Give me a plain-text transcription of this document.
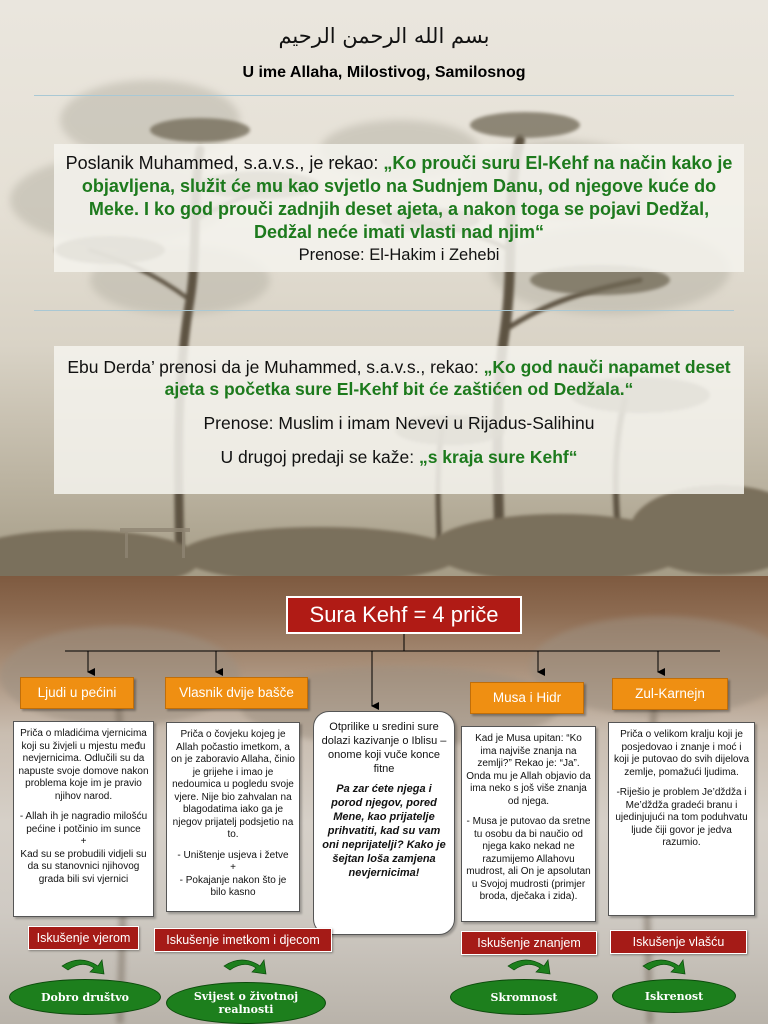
بسم الله الرحمن الرحيم
U ime Allaha, Milostivog, Samilosnog
Poslanik Muhammed, s.a.v.s., je rekao: „Ko prouči suru El-Kehf na način kako je objavljena, služit će mu kao svjetlo na Sudnjem Danu, od njegove kuće do Meke. I ko god prouči zadnjih deset ajeta, a nakon toga se pojavi Dedžal, Dedžal neće imati vlasti nad njim“
Prenose: El-Hakim i Zehebi
Ebu Derda’ prenosi da je Muhammed, s.a.v.s., rekao: „Ko god nauči napamet deset ajeta s početka sure El-Kehf bit će zaštićen od Dedžala.“
Prenose: Muslim i imam Nevevi u Rijadus-Salihinu
U drugoj predaji se kaže: „s kraja sure Kehf“
Sura Kehf = 4 priče
Ljudi u pećini	Vlasnik dvije bašče	Musa i Hidr	Zul-Karnejn
Priča o mladićima vjernicima koji su živjeli u mjestu među nevjernicima. Odlučili su da napuste svoje domove nakon problema koje im je pravio njihov narod.
- Allah ih je nagradio milošću pećine i potčinio im sunce
+
Kad su se probudili vidjeli su da su stanovnici njihovog grada bili svi vjernici
Priča o čovjeku kojeg je Allah počastio imetkom, a on je zaboravio Allaha, činio je grijehe i imao je nedoumica u pogledu svoje vjere. Nije bio zahvalan na blagodatima iako ga je njegov prijatelj podsjetio na to.
- Uništenje usjeva i žetve
+
- Pokajanje nakon što je bilo kasno
Otprilike u sredini sure dolazi kazivanje o Iblisu – onome koji vuče konce fitne
Pa zar ćete njega i porod njegov, pored Mene, kao prijatelje prihvatiti, kad su vam oni neprijatelji? Kako je šejtan loša zamjena nevjernicima!
Kad je Musa upitan: “Ko ima najviše znanja na zemlji?” Rekao je: “Ja”. Onda mu je Allah objavio da ima neko s još više znanja od njega.
- Musa je putovao da sretne tu osobu da bi naučio od njega kako nekad ne razumijemo Allahovu mudrost, ali On je apsolutan u Svojoj mudrosti (primjer broda, dječaka i zida).
Priča o velikom kralju koji je posjedovao i znanje i moć i koji je putovao do svih dijelova zemlje, pomažući ljudima.
-Riješio je problem Je’dždža i Me’dždža gradeći branu i ujedinjujući na tom poduhvatu ljude čiji govor je jedva razumio.
Iskušenje vjerom	Iskušenje imetkom i djecom	Iskušenje znanjem	Iskušenje vlašću
Dobro društvo	Svijest o životnoj realnosti
Skromnost	Iskrenost
